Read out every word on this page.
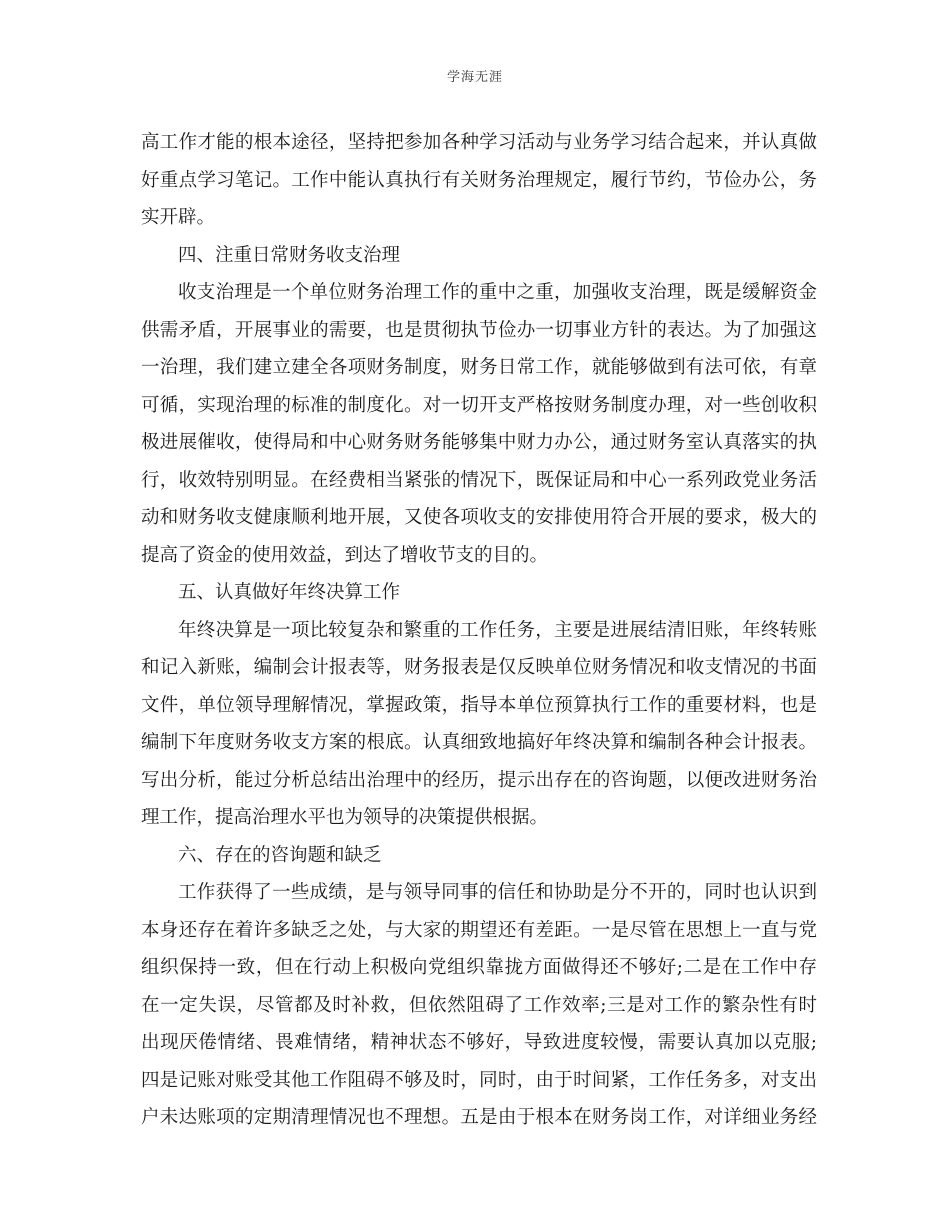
学海无涯
高工作才能的根本途径，坚持把参加各种学习活动与业务学习结合起来，并认真做
好重点学习笔记。工作中能认真执行有关财务治理规定，履行节约，节俭办公，务
实开辟。
四、注重日常财务收支治理
收支治理是一个单位财务治理工作的重中之重，加强收支治理，既是缓解资金
供需矛盾，开展事业的需要，也是贯彻执节俭办一切事业方针的表达。为了加强这
一治理，我们建立建全各项财务制度，财务日常工作，就能够做到有法可依，有章
可循，实现治理的标准的制度化。对一切开支严格按财务制度办理，对一些创收积
极进展催收，使得局和中心财务财务能够集中财力办公，通过财务室认真落实的执
行，收效特别明显。在经费相当紧张的情况下，既保证局和中心一系列政党业务活
动和财务收支健康顺利地开展，又使各项收支的安排使用符合开展的要求，极大的
提高了资金的使用效益，到达了增收节支的目的。
五、认真做好年终决算工作
年终决算是一项比较复杂和繁重的工作任务，主要是进展结清旧账，年终转账
和记入新账，编制会计报表等，财务报表是仅反映单位财务情况和收支情况的书面
文件，单位领导理解情况，掌握政策，指导本单位预算执行工作的重要材料，也是
编制下年度财务收支方案的根底。认真细致地搞好年终决算和编制各种会计报表。
写出分析，能过分析总结出治理中的经历，提示出存在的咨询题，以便改进财务治
理工作，提高治理水平也为领导的决策提供根据。
六、存在的咨询题和缺乏
工作获得了一些成绩，是与领导同事的信任和协助是分不开的，同时也认识到
本身还存在着许多缺乏之处，与大家的期望还有差距。一是尽管在思想上一直与党
组织保持一致，但在行动上积极向党组织靠拢方面做得还不够好;二是在工作中存
在一定失误，尽管都及时补救，但依然阻碍了工作效率;三是对工作的繁杂性有时
出现厌倦情绪、畏难情绪，精神状态不够好，导致进度较慢，需要认真加以克服;
四是记账对账受其他工作阻碍不够及时，同时，由于时间紧，工作任务多，对支出
户未达账项的定期清理情况也不理想。五是由于根本在财务岗工作，对详细业务经
